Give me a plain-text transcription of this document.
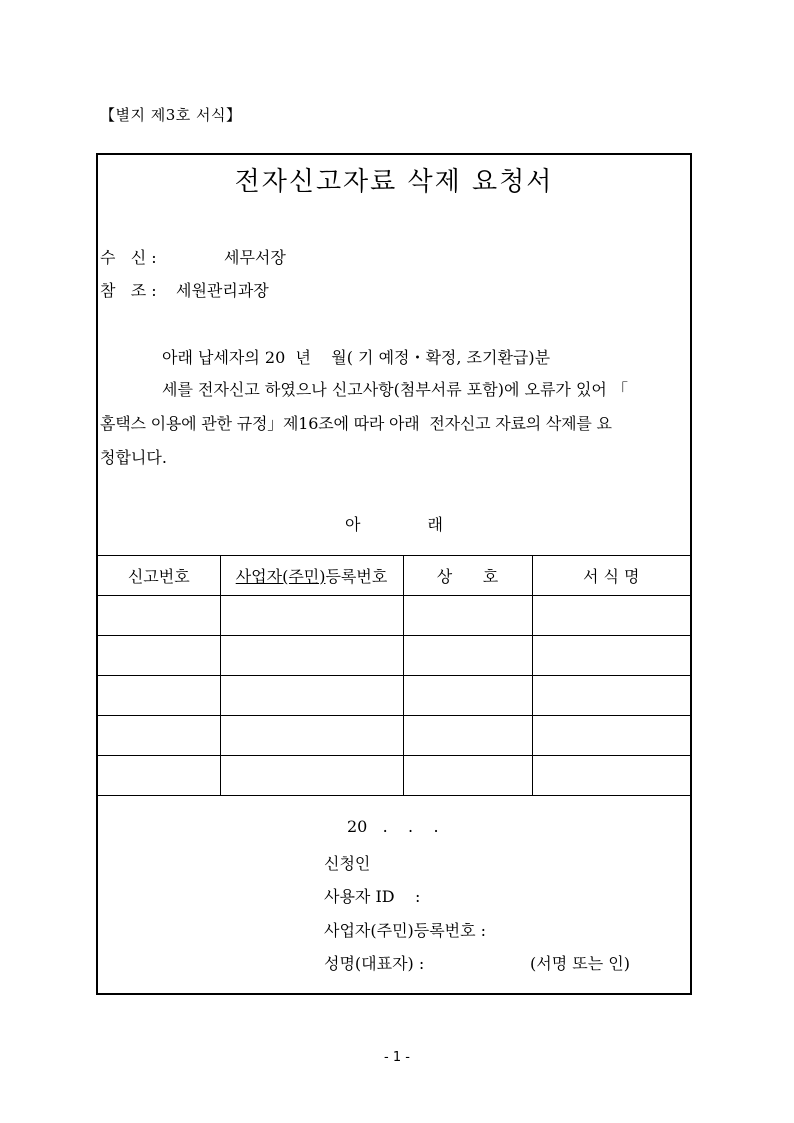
【별지 제3호 서식】
전자신고자료 삭제 요청서
수   신 :	세무서장
참   조 : 세원관리과장
아래 납세자의 20  년    월( 기 예정・확정, 조기환급)분
세를 전자신고 하였으나 신고사항(첨부서류 포함)에 오류가 있어 「
홈택스 이용에 관한 규정」제16조에 따라 아래  전자신고 자료의 삭제를 요
청합니다.
아 래
신고번호	사업자(주민)등록번호	상      호	서 식 명

20   .    .    .
신청인
사용자 ID    :
사업자(주민)등록번호 :
성명(대표자) :	(서명 또는 인)
- 1 -
